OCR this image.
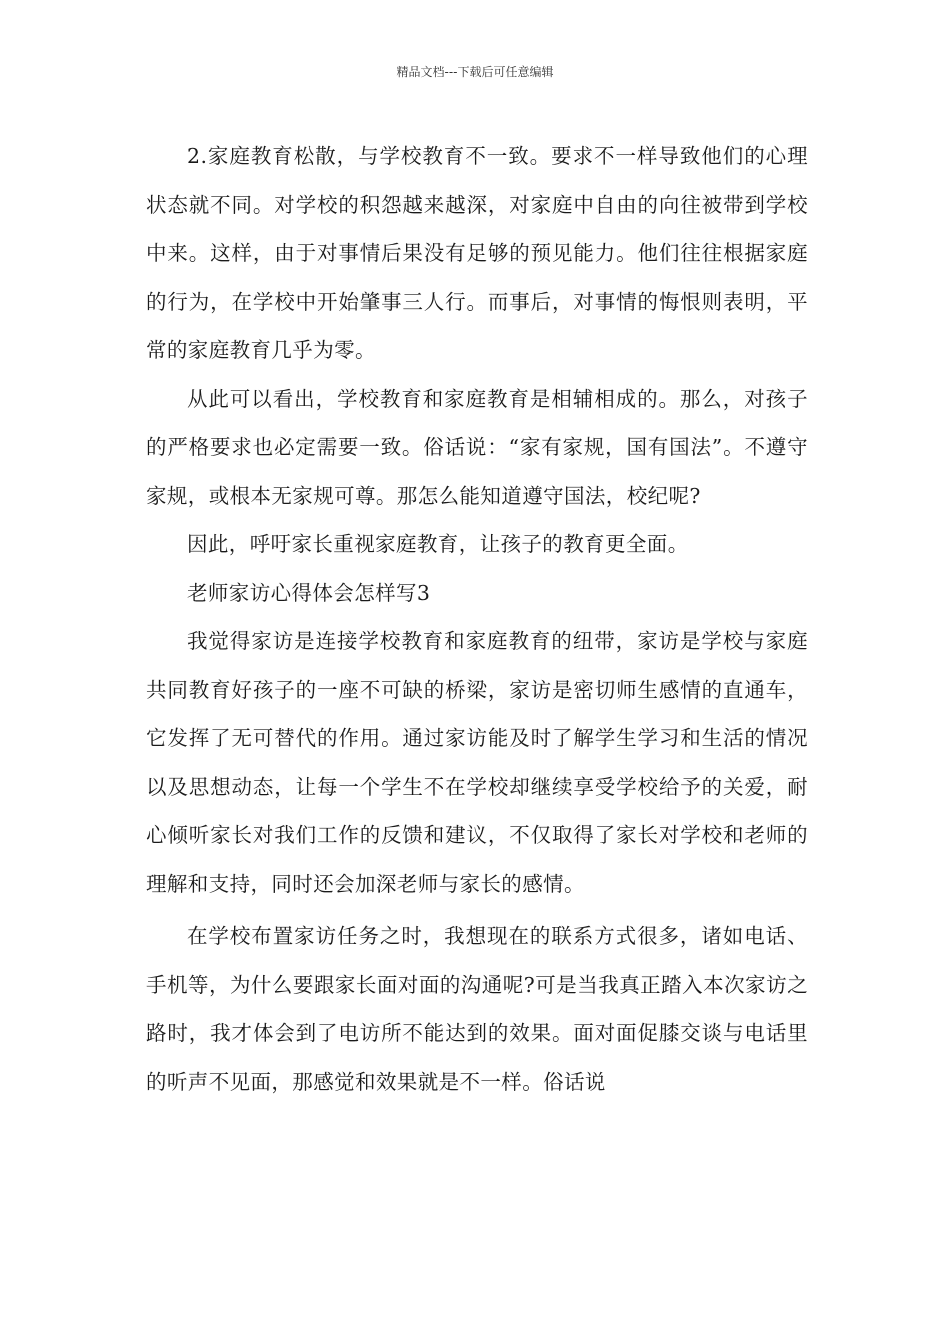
精品文档---下载后可任意编辑

2.家庭教育松散，与学校教育不一致。要求不一样导致他们的心理状态就不同。对学校的积怨越来越深，对家庭中自由的向往被带到学校中来。这样，由于对事情后果没有足够的预见能力。他们往往根据家庭的行为，在学校中开始肇事三人行。而事后，对事情的悔恨则表明，平常的家庭教育几乎为零。

从此可以看出，学校教育和家庭教育是相辅相成的。那么，对孩子的严格要求也必定需要一致。俗话说：“家有家规，国有国法”。不遵守家规，或根本无家规可尊。那怎么能知道遵守国法，校纪呢?

因此，呼吁家长重视家庭教育，让孩子的教育更全面。

老师家访心得体会怎样写3

我觉得家访是连接学校教育和家庭教育的纽带，家访是学校与家庭共同教育好孩子的一座不可缺的桥梁，家访是密切师生感情的直通车，它发挥了无可替代的作用。通过家访能及时了解学生学习和生活的情况以及思想动态，让每一个学生不在学校却继续享受学校给予的关爱，耐心倾听家长对我们工作的反馈和建议，不仅取得了家长对学校和老师的理解和支持，同时还会加深老师与家长的感情。

在学校布置家访任务之时，我想现在的联系方式很多，诸如电话、手机等，为什么要跟家长面对面的沟通呢?可是当我真正踏入本次家访之路时，我才体会到了电访所不能达到的效果。面对面促膝交谈与电话里的听声不见面，那感觉和效果就是不一样。俗话说
